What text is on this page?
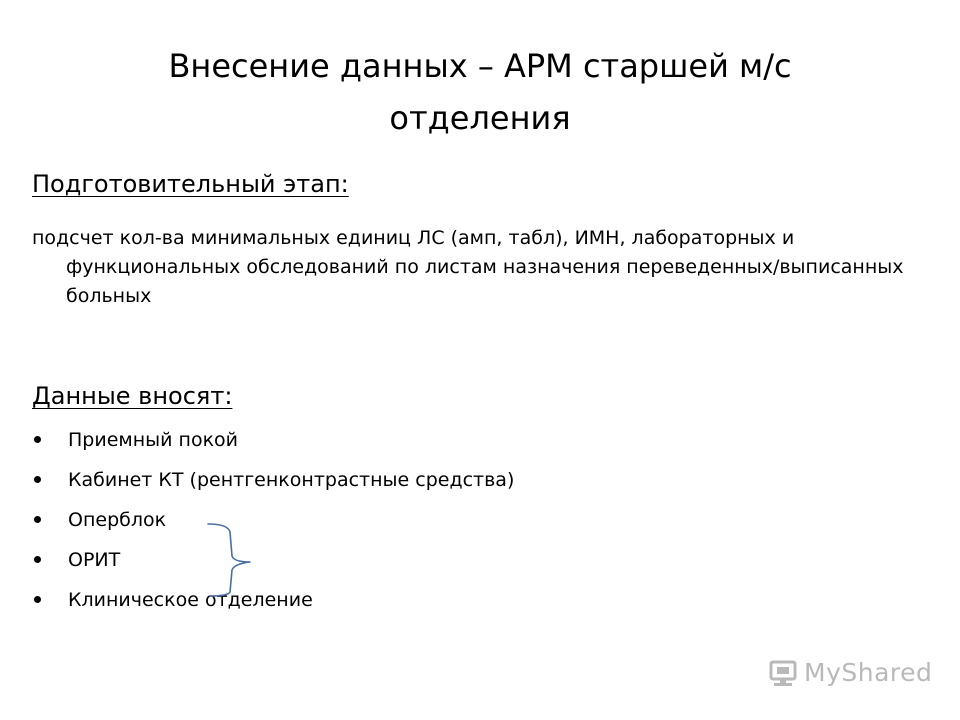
Внесение данных – АРМ старшей м/с отделения
Подготовительный этап:

подсчет кол-ва минимальных единиц ЛС (амп, табл), ИМН, лабораторных и функциональных обследований по листам назначения переведенных/выписанных больных

Данные вносят:
Приемный покой
Кабинет КТ (рентгенконтрастные средства)
Оперблок
ОРИТ
Клиническое отделение
MyShared
